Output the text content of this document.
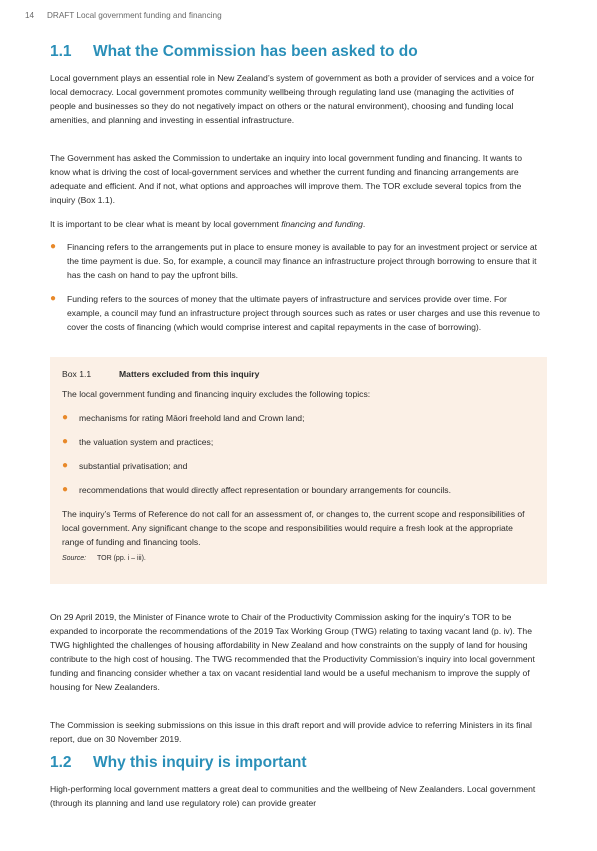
14 DRAFT Local government funding and financing
1.1 What the Commission has been asked to do

Local government plays an essential role in New Zealand’s system of government as both a provider of services and a voice for local democracy. Local government promotes community wellbeing through regulating land use (managing the activities of people and businesses so they do not negatively impact on others or the natural environment), choosing and funding local amenities, and planning and investing in essential infrastructure.

The Government has asked the Commission to undertake an inquiry into local government funding and financing. It wants to know what is driving the cost of local-government services and whether the current funding and financing arrangements are adequate and efficient. And if not, what options and approaches will improve them. The TOR exclude several topics from the inquiry (Box 1.1).

It is important to be clear what is meant by local government financing and funding.

● Financing refers to the arrangements put in place to ensure money is available to pay for an investment project or service at the time payment is due. So, for example, a council may finance an infrastructure project through borrowing to ensure that it has the cash on hand to pay the upfront bills.
● Funding refers to the sources of money that the ultimate payers of infrastructure and services provide over time. For example, a council may fund an infrastructure project through sources such as rates or user charges and use this revenue to cover the costs of financing (which would comprise interest and capital repayments in the case of borrowing).
Box 1.1	Matters excluded from this inquiry

The local government funding and financing inquiry excludes the following topics:

● mechanisms for rating Māori freehold land and Crown land;
● the valuation system and practices;
● substantial privatisation; and
● recommendations that would directly affect representation or boundary arrangements for councils.

The inquiry’s Terms of Reference do not call for an assessment of, or changes to, the current scope and responsibilities of local government. Any significant change to the scope and responsibilities would require a fresh look at the appropriate range of funding and financing tools.

Source: TOR (pp. i – iii).

On 29 April 2019, the Minister of Finance wrote to Chair of the Productivity Commission asking for the inquiry’s TOR to be expanded to incorporate the recommendations of the 2019 Tax Working Group (TWG) relating to taxing vacant land (p. iv). The TWG highlighted the challenges of housing affordability in New Zealand and how constraints on the supply of land for housing contribute to the high cost of housing. The TWG recommended that the Productivity Commission’s inquiry into local government funding and financing consider whether a tax on vacant residential land would be a useful mechanism to improve the supply of housing for New Zealanders.

The Commission is seeking submissions on this issue in this draft report and will provide advice to referring Ministers in its final report, due on 30 November 2019.

1.2 Why this inquiry is important

High-performing local government matters a great deal to communities and the wellbeing of New Zealanders. Local government (through its planning and land use regulatory role) can provide greater
